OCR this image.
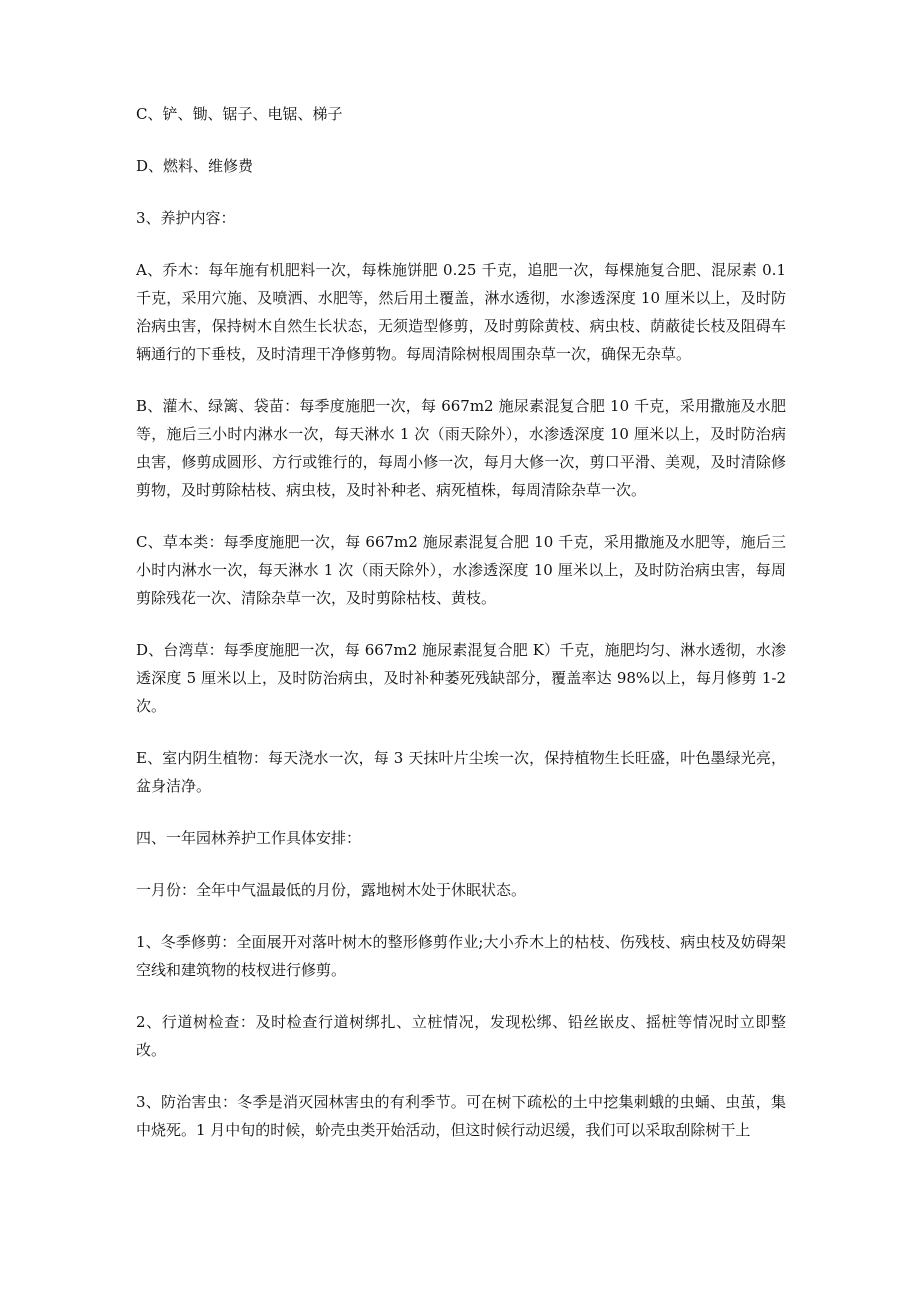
C、铲、锄、锯子、电锯、梯子

D、燃料、维修费

3、养护内容：

A、乔木：每年施有机肥料一次，每株施饼肥 0.25 千克，追肥一次，每棵施复合肥、混尿素 0.1 千克，采用穴施、及喷洒、水肥等，然后用土覆盖，淋水透彻，水渗透深度 10 厘米以上，及时防治病虫害，保持树木自然生长状态，无须造型修剪，及时剪除黄枝、病虫枝、荫蔽徒长枝及阻碍车辆通行的下垂枝，及时清理干净修剪物。每周清除树根周围杂草一次，确保无杂草。

B、灌木、绿篱、袋苗：每季度施肥一次，每 667m2 施尿素混复合肥 10 千克，采用撒施及水肥等，施后三小时内淋水一次，每天淋水 1 次（雨天除外），水渗透深度 10 厘米以上，及时防治病虫害，修剪成圆形、方行或锥行的，每周小修一次，每月大修一次，剪口平滑、美观，及时清除修剪物，及时剪除枯枝、病虫枝，及时补种老、病死植株，每周清除杂草一次。

C、草本类：每季度施肥一次，每 667m2 施尿素混复合肥 10 千克，采用撒施及水肥等，施后三小时内淋水一次，每天淋水 1 次（雨天除外），水渗透深度 10 厘米以上，及时防治病虫害，每周剪除残花一次、清除杂草一次，及时剪除枯枝、黄枝。

D、台湾草：每季度施肥一次，每 667m2 施尿素混复合肥 K）千克，施肥均匀、淋水透彻，水渗透深度 5 厘米以上，及时防治病虫，及时补种萎死残缺部分，覆盖率达 98%以上，每月修剪 1-2 次。

E、室内阴生植物：每天浇水一次，每 3 天抹叶片尘埃一次，保持植物生长旺盛，叶色墨绿光亮，盆身洁净。

四、一年园林养护工作具体安排：

一月份：全年中气温最低的月份，露地树木处于休眠状态。

1、冬季修剪：全面展开对落叶树木的整形修剪作业;大小乔木上的枯枝、伤残枝、病虫枝及妨碍架空线和建筑物的枝杈进行修剪。

2、行道树检查：及时检查行道树绑扎、立桩情况，发现松绑、铅丝嵌皮、摇桩等情况时立即整改。

3、防治害虫：冬季是消灭园林害虫的有利季节。可在树下疏松的土中挖集刺蛾的虫蛹、虫茧，集中烧死。1 月中旬的时候，蚧壳虫类开始活动，但这时候行动迟缓，我们可以采取刮除树干上
